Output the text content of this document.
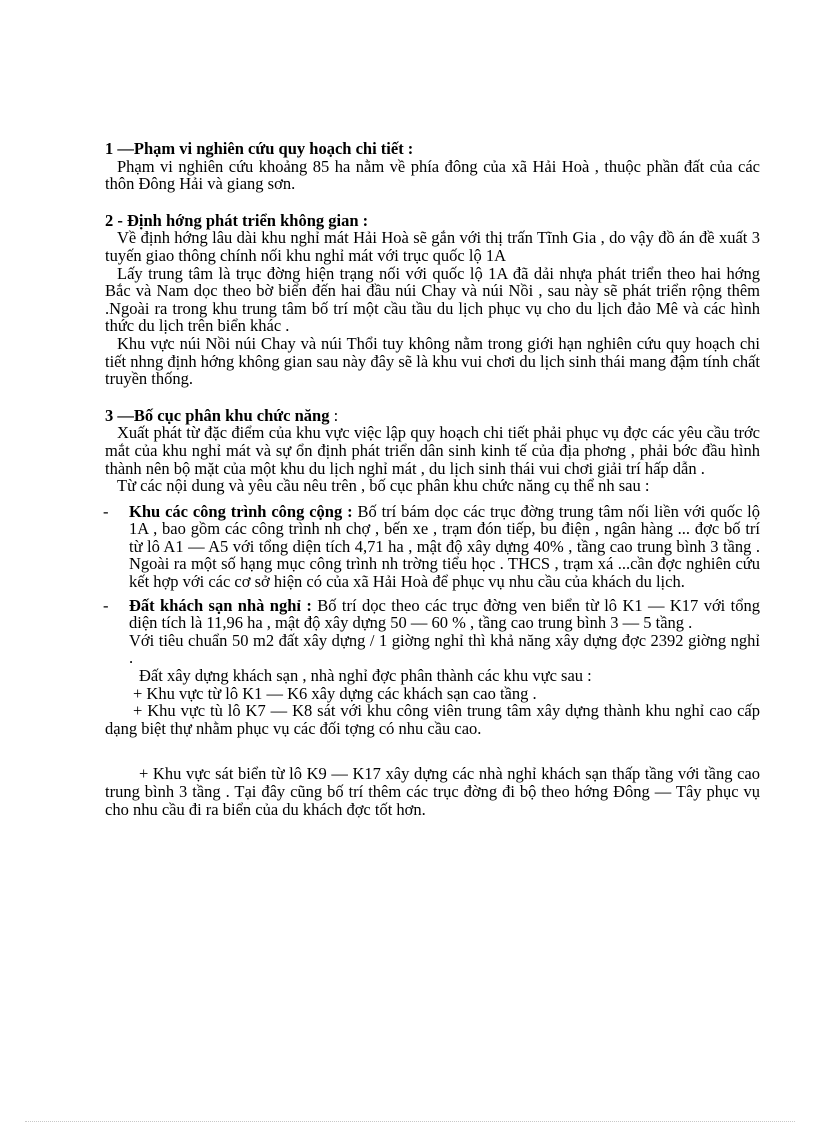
1 —Phạm vi nghiên cứu quy hoạch chi tiết :

Phạm vi nghiên cứu khoảng 85 ha nằm về phía đông của xã Hải Hoà , thuộc phần đất của các thôn Đông Hải và giang sơn.

2 - Định hớng phát triển không gian :

Về định hớng lâu dài khu nghỉ mát Hải Hoà sẽ gắn với thị trấn Tĩnh Gia , do vậy đồ án đề xuất 3 tuyến giao thông chính nối khu nghỉ mát với trục quốc lộ 1A

Lấy trung tâm là trục đờng hiện trạng nối với quốc lộ 1A đã dải nhựa phát triển theo hai hớng Bắc và Nam dọc theo bờ biển đến hai đầu núi Chay và núi Nồi , sau này sẽ phát triển rộng thêm .Ngoài ra trong khu trung tâm bố trí một cầu tầu du lịch phục vụ cho du lịch đảo Mê và các hình thức du lịch trên biển khác .

Khu vực núi Nồi núi Chay và núi Thổi tuy không nằm trong giới hạn nghiên cứu quy hoạch chi tiết nhng định hớng không gian sau này đây sẽ là khu vui chơi du lịch sinh thái mang đậm tính chất truyền thống.

3 —Bố cục phân khu chức năng :

Xuất phát từ đặc điểm của khu vực việc lập quy hoạch chi tiết phải phục vụ đợc các yêu cầu trớc mắt của khu nghỉ mát và sự ổn định phát triển dân sinh kinh tế của địa phơng , phải bớc đầu hình thành nên bộ mặt của một khu du lịch nghỉ mát , du lịch sinh thái vui chơi giải trí hấp dẫn .

Từ các nội dung và yêu cầu nêu trên , bố cục phân khu chức năng cụ thể nh sau :

- Khu các công trình công cộng : Bố trí bám dọc các trục đờng trung tâm nối liền với quốc lộ 1A , bao gồm các công trình nh chợ , bến xe , trạm đón tiếp, bu điện , ngân hàng ... đợc bố trí từ lô A1 — A5 với tổng diện tích 4,71 ha , mật độ xây dựng 40% , tầng cao trung bình 3 tầng . Ngoài ra một số hạng mục công trình nh trờng tiểu học . THCS , trạm xá ...cần đợc nghiên cứu kết hợp với các cơ sở hiện có của xã Hải Hoà để phục vụ nhu cầu của khách du lịch.

- Đất khách sạn nhà nghỉ : Bố trí dọc theo các trục đờng ven biển từ lô K1 — K17 với tổng diện tích là 11,96 ha , mật độ xây dựng 50 — 60 % , tầng cao trung bình 3 — 5 tầng .

Với tiêu chuẩn 50 m2 đất xây dựng / 1 giờng nghỉ thì khả năng xây dựng đợc 2392 giờng nghỉ .

Đất xây dựng khách sạn , nhà nghỉ đợc phân thành các khu vực sau :

+ Khu vực từ lô K1 — K6 xây dựng các khách sạn cao tầng .

+ Khu vực tù lô K7 — K8 sát với khu công viên trung tâm xây dựng thành khu nghỉ cao cấp dạng biệt thự nhằm phục vụ các đối tợng có nhu cầu cao.

+ Khu vực sát biển từ lô K9 — K17 xây dựng các nhà nghỉ khách sạn thấp tầng với tầng cao trung bình 3 tầng . Tại đây cũng bố trí thêm các trục đờng đi bộ theo hớng Đông — Tây phục vụ cho nhu cầu đi ra biển của du khách đợc tốt hơn.
